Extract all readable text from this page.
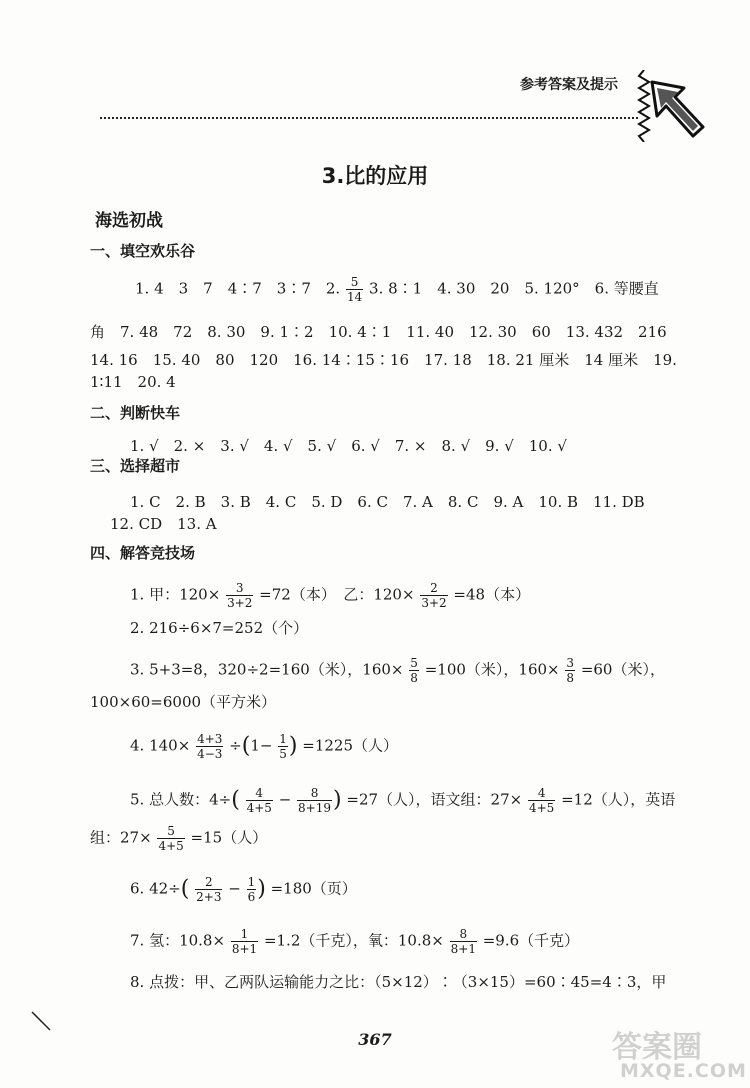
参考答案及提示
3.比的应用
海选初战
一、填空欢乐谷
1. 4　3　7　4∶7　3∶7　2. $\frac{5}{14} 3$. 8∶1　4. 30　20　5. 120°　6. 等腰直
角　7. 48　72　8. 30　9. 1∶2　10. 4∶1　11. 40　12. 30　60　13. 432　216
14. 16　15. 40　80　120　16. 14∶15∶16　17. 18　18. 21 厘米　14 厘米　19.
1∶11　20. 4
二、判断快车
1. √　2. ×　3. √　4. √　5. √　6. √　7. ×　8. √　9. √　10. √
三、选择超市
1. C　2. B　3. B　4. C　5. D　6. C　7. A　8. C　9. A　10. B　11. DB
12. CD　13. A
四、解答竞技场
1. 甲：$120\times \frac{3}{3+2} =72$（本）　乙：$120\times \frac{2}{3+2} =48$（本）
2. 216÷6×7=252（个）
3. 5+3=8，320÷2=160（米），$160\times \frac{5}{8} =100$（米），$160\times \frac{3}{8} =60$（米），
100×60=6000（平方米）
4. $140\times \frac{4+3}{4-3} \div(1- \frac{1}{5}$ ) =1225（人）
5. 总人数：$4\div( \frac{4}{4+5} - \frac{8}{8+19}$ ) =27（人），语文组：$27\times \frac{4}{4+5} =12$（人），英语
组：$27\times \frac{5}{4+5} =15$（人）
6. $42\div( \frac{2}{2+3} - \frac{1}{6}$ ) =180（页）
7. 氢：$10.8\times \frac{1}{8+1} =1.2$（千克），氧：$10.8\times \frac{8}{8+1} =9.6$（千克）
8. 点拨：甲、乙两队运输能力之比：（5×12）∶（3×15）=60∶45=4∶3，甲
367	答案圈
MXQE.COM
